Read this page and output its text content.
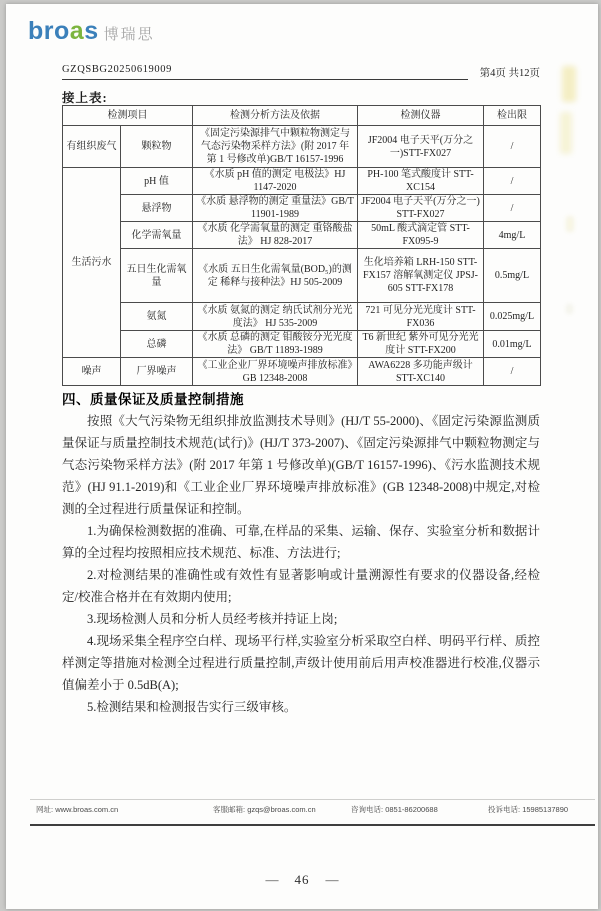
broas 博瑞思
GZQSBG20250619009	第4页 共12页
接上表:
检测项目		检测分析方法及依据	检测仪器	检出限
有组织废气	颗粒物	《固定污染源排气中颗粒物测定与气态污染物采样方法》(附 2017 年第 1 号修改单)GB/T 16157-1996	JF2004 电子天平(万分之一)STT-FX027	/
生活污水	pH 值	《水质 pH 值的测定 电极法》HJ 1147-2020	PH-100 笔式酸度计 STT-XC154	/
	悬浮物	《水质 悬浮物的测定 重量法》GB/T 11901-1989	JF2004 电子天平(万分之一) STT-FX027	/
	化学需氧量	《水质 化学需氧量的测定 重铬酸盐法》 HJ 828-2017	50mL 酸式滴定管 STT-FX095-9	4mg/L
	五日生化需氧量	《水质 五日生化需氧量(BOD₅)的测定 稀释与接种法》HJ 505-2009	生化培养箱 LRH-150 STT-FX157 溶解氧测定仪 JPSJ-605 STT-FX178	0.5mg/L
	氨氮	《水质 氨氮的测定 纳氏试剂分光光度法》 HJ 535-2009	721 可见分光光度计 STT-FX036	0.025mg/L
	总磷	《水质 总磷的测定 钼酸铵分光光度法》 GB/T 11893-1989	T6 新世纪 紫外可见分光光度计 STT-FX200	0.01mg/L
噪声	厂界噪声	《工业企业厂界环境噪声排放标准》GB 12348-2008	AWA6228 多功能声级计 STT-XC140	/
四、质量保证及质量控制措施

按照《大气污染物无组织排放监测技术导则》(HJ/T 55-2000)、《固定污染源监测质量保证与质量控制技术规范(试行)》(HJ/T 373-2007)、《固定污染源排气中颗粒物测定与气态污染物采样方法》(附 2017 年第 1 号修改单)(GB/T 16157-1996)、《污水监测技术规范》(HJ 91.1-2019)和《工业企业厂界环境噪声排放标准》(GB 12348-2008)中规定,对检测的全过程进行质量保证和控制。

1.为确保检测数据的准确、可靠,在样品的采集、运输、保存、实验室分析和数据计算的全过程均按照相应技术规范、标准、方法进行;

2.对检测结果的准确性或有效性有显著影响或计量溯源性有要求的仪器设备,经检定/校准合格并在有效期内使用;

3.现场检测人员和分析人员经考核并持证上岗;

4.现场采集全程序空白样、现场平行样,实验室分析采取空白样、明码平行样、质控样测定等措施对检测全过程进行质量控制,声级计使用前后用声校准器进行校准,仪器示值偏差小于 0.5dB(A);

5.检测结果和检测报告实行三级审核。

网址: www.broas.com.cn	客服邮箱: gzqs@broas.com.cn	咨询电话: 0851-86200688	投诉电话: 15985137890
— 46 —
